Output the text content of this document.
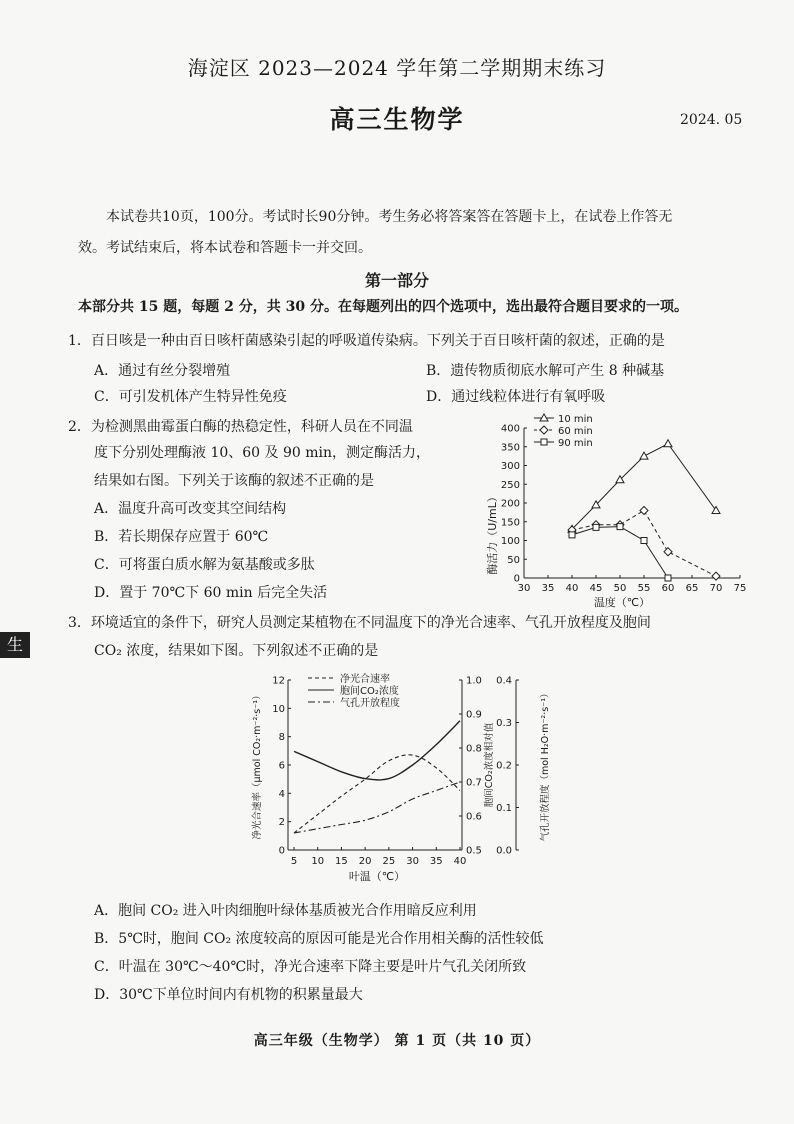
海淀区 2023—2024 学年第二学期期末练习
高三生物学	2024. 05
本试卷共10页，100分。考试时长90分钟。考生务必将答案答在答题卡上，在试卷上作答无
效。考试结束后，将本试卷和答题卡一并交回。
第一部分
本部分共 15 题，每题 2 分，共 30 分。在每题列出的四个选项中，选出最符合题目要求的一项。
1．百日咳是一种由百日咳杆菌感染引起的呼吸道传染病。下列关于百日咳杆菌的叙述，正确的是
A．通过有丝分裂增殖	B．遗传物质彻底水解可产生 8 种碱基
C．可引发机体产生特异性免疫	D．通过线粒体进行有氧呼吸
2．为检测黑曲霉蛋白酶的热稳定性，科研人员在不同温
度下分别处理酶液 10、60 及 90 min，测定酶活力，
结果如右图。下列关于该酶的叙述不正确的是
A．温度升高可改变其空间结构
B．若长期保存应置于 60℃
C．可将蛋白质水解为氨基酸或多肽
D．置于 70℃下 60 min 后完全失活	30 35 40 45 50 55 60 65 70 75
0
50
100
150
200
250
300
350
400
温度（℃）
酶活力（U/mL）
10 min
60 min
90 min
生
3．环境适宜的条件下，研究人员测定某植物在不同温度下的净光合速率、气孔开放程度及胞间
CO₂ 浓度，结果如下图。下列叙述不正确的是
5 10 15 20 25 30 35 40
叶温（℃）
0
2
4
6
8
10
12
净光合速率（μmol CO₂·m⁻²·s⁻¹）
0.5
0.6
0.7
0.8
0.9
1.0
胞间CO₂浓度相对值
0.0
0.1
0.2
0.3
0.4
气孔开放程度（mol H₂O·m⁻²·s⁻¹）
净光合速率
胞间CO₂浓度
气孔开放程度
A．胞间 CO₂ 进入叶肉细胞叶绿体基质被光合作用暗反应利用
B．5℃时，胞间 CO₂ 浓度较高的原因可能是光合作用相关酶的活性较低
C．叶温在 30℃～40℃时，净光合速率下降主要是叶片气孔关闭所致
D．30℃下单位时间内有机物的积累量最大
高三年级（生物学） 第 1 页（共 10 页）
